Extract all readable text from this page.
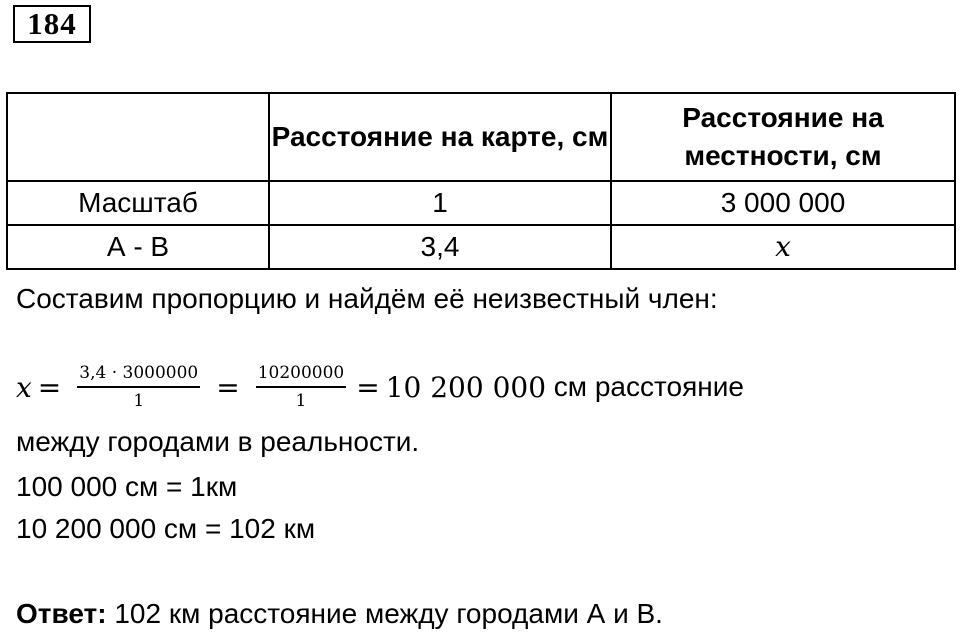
184
	Расстояние на карте, см	Расстояние на местности, см
Масштаб	1	3 000 000
А - В	3,4	x
Составим пропорцию и найдём её неизвестный член:
$x = \frac{3,4 \cdot 3000000}{1} = \frac{10200000}{1} = 10$ 200 000 см расстояние
между городами в реальности.
100 000 см = 1км
10 200 000 см = 102 км
Ответ: 102 км расстояние между городами А и В.
